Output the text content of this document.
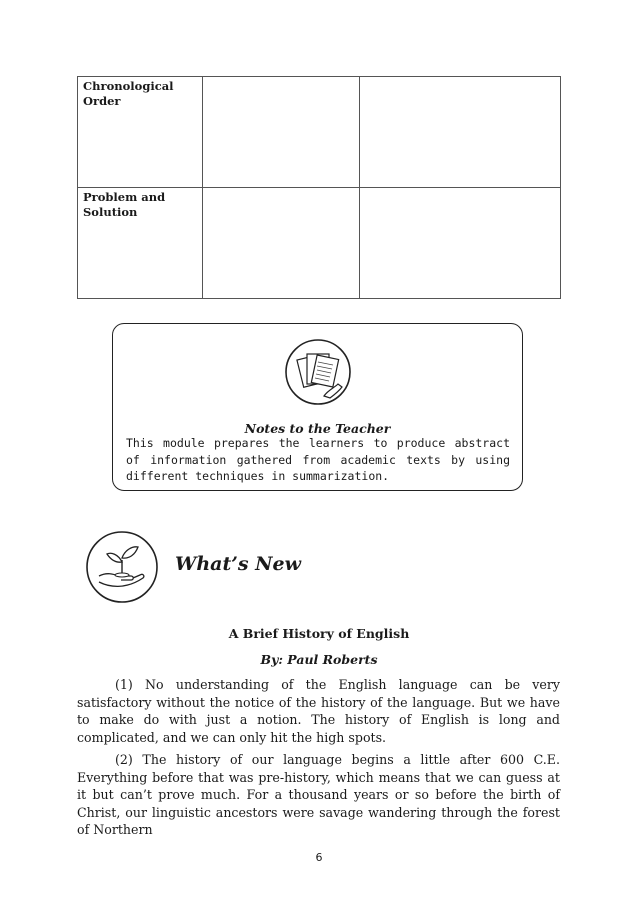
Chronological Order		
Problem and Solution		
Notes to the Teacher
This module prepares the learners to produce abstract of information gathered from academic texts by using different techniques in summarization.
What’s New
A Brief History of English
By: Paul Roberts

(1) No understanding of the English language can be very satisfactory without the notice of the history of the language. But we have to make do with just a notion. The history of English is long and complicated, and we can only hit the high spots.

(2) The history of our language begins a little after 600 C.E. Everything before that was pre-history, which means that we can guess at it but can’t prove much. For a thousand years or so before the birth of Christ, our linguistic ancestors were savage wandering through the forest of Northern

6
